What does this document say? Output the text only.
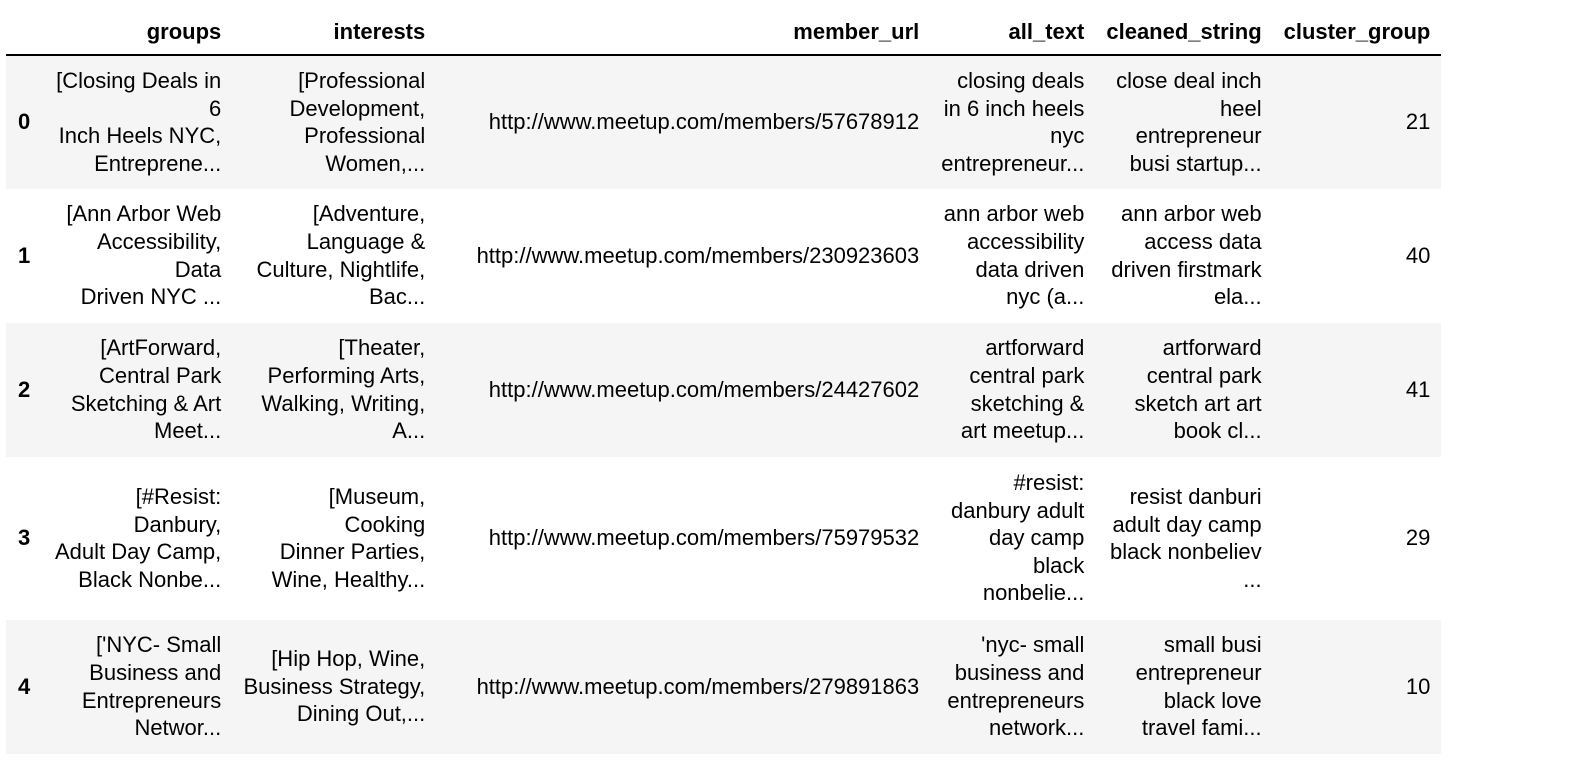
	groups	interests	member_url	all_text	cleaned_string	cluster_group
0	[Closing Deals in 6
Inch Heels NYC,
Entreprene...	[Professional
Development,
Professional
Women,...	http://www.meetup.com/members/57678912	closing deals
in 6 inch heels
nyc
entrepreneur...	close deal inch
heel
entrepreneur
busi startup...	21
1	[Ann Arbor Web
Accessibility, Data
Driven NYC ...	[Adventure,
Language &
Culture, Nightlife,
Bac...	http://www.meetup.com/members/230923603	ann arbor web
accessibility
data driven
nyc (a...	ann arbor web
access data
driven firstmark
ela...	40
2	[ArtForward,
Central Park
Sketching & Art
Meet...	[Theater,
Performing Arts,
Walking, Writing,
A...	http://www.meetup.com/members/24427602	artforward
central park
sketching &
art meetup...	artforward
central park
sketch art art
book cl...	41
3	[#Resist: Danbury,
Adult Day Camp,
Black Nonbe...	[Museum, Cooking
Dinner Parties,
Wine, Healthy...	http://www.meetup.com/members/75979532	#resist:
danbury adult
day camp
black
nonbelie...	resist danburi
adult day camp
black nonbeliev
...	29
4	['NYC- Small
Business and
Entrepreneurs
Networ...	[Hip Hop, Wine,
Business Strategy,
Dining Out,...	http://www.meetup.com/members/279891863	'nyc- small
business and
entrepreneurs
network...	small busi
entrepreneur
black love
travel fami...	10
